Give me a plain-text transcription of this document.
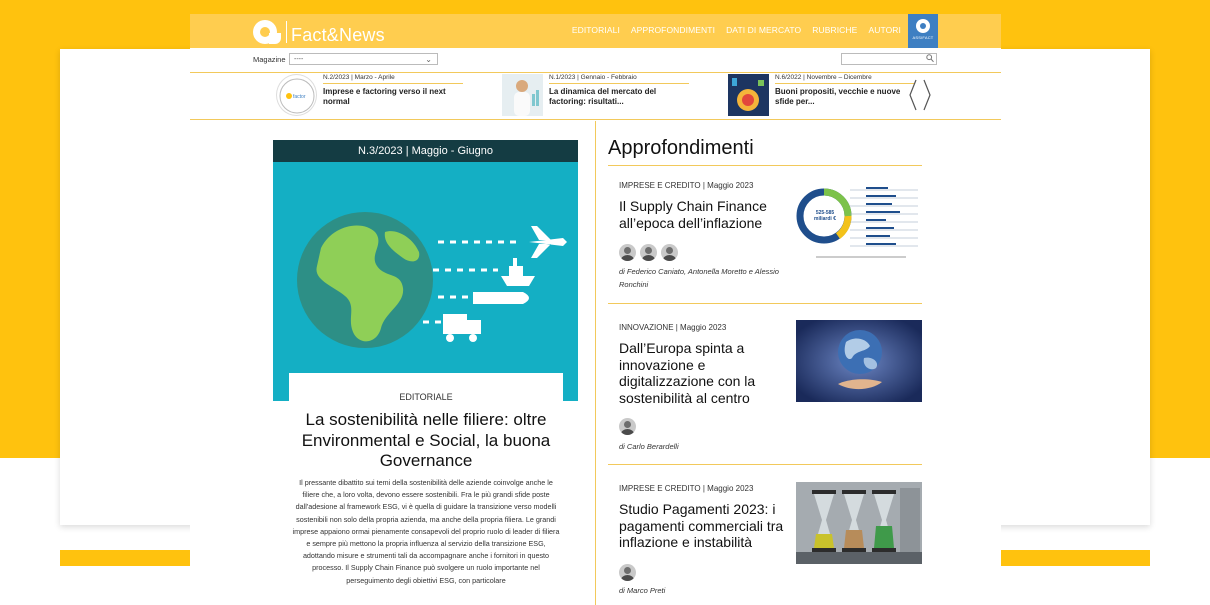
Fact&News	EDITORIALI APPROFONDIMENTI DATI DI MERCATO RUBRICHE AUTORI
ASSIFACT
Magazine	----	⌄
factor
N.2/2023 | Marzo - Aprile
Imprese e factoring verso il next normal
N.1/2023 | Gennaio - Febbraio
La dinamica del mercato del factoring: risultati...
N.6/2022 | Novembre – Dicembre
Buoni propositi, vecchie e nuove sfide per...
N.3/2023 | Maggio - Giugno
EDITORIALE
La sostenibilità nelle filiere: oltre Environmental e Social, la buona Governance
Il pressante dibattito sui temi della sostenibilità delle aziende coinvolge anche le filiere che, a loro volta, devono essere sostenibili. Fra le più grandi sfide poste dall'adesione al framework ESG, vi è quella di guidare la transizione verso modelli sostenibili non solo della propria azienda, ma anche della propria filiera. Le grandi imprese appaiono ormai pienamente consapevoli del proprio ruolo di leader di filiera e sempre più mettono la propria influenza al servizio della transizione ESG, adottando misure e strumenti tali da accompagnare anche i fornitori in questo processo. Il Supply Chain Finance può svolgere un ruolo importante nel perseguimento degli obiettivi ESG, con particolare
Approfondimenti
IMPRESE E CREDITO | Maggio 2023
Il Supply Chain Finance all’epoca dell’inflazione
di Federico Caniato, Antonella Moretto e Alessio Ronchini
525-585 miliardi €
INNOVAZIONE | Maggio 2023
Dall’Europa spinta a innovazione e digitalizzazione con la sostenibilità al centro
di Carlo Berardelli
IMPRESE E CREDITO | Maggio 2023
Studio Pagamenti 2023: i pagamenti commerciali tra inflazione e instabilità
di Marco Preti
